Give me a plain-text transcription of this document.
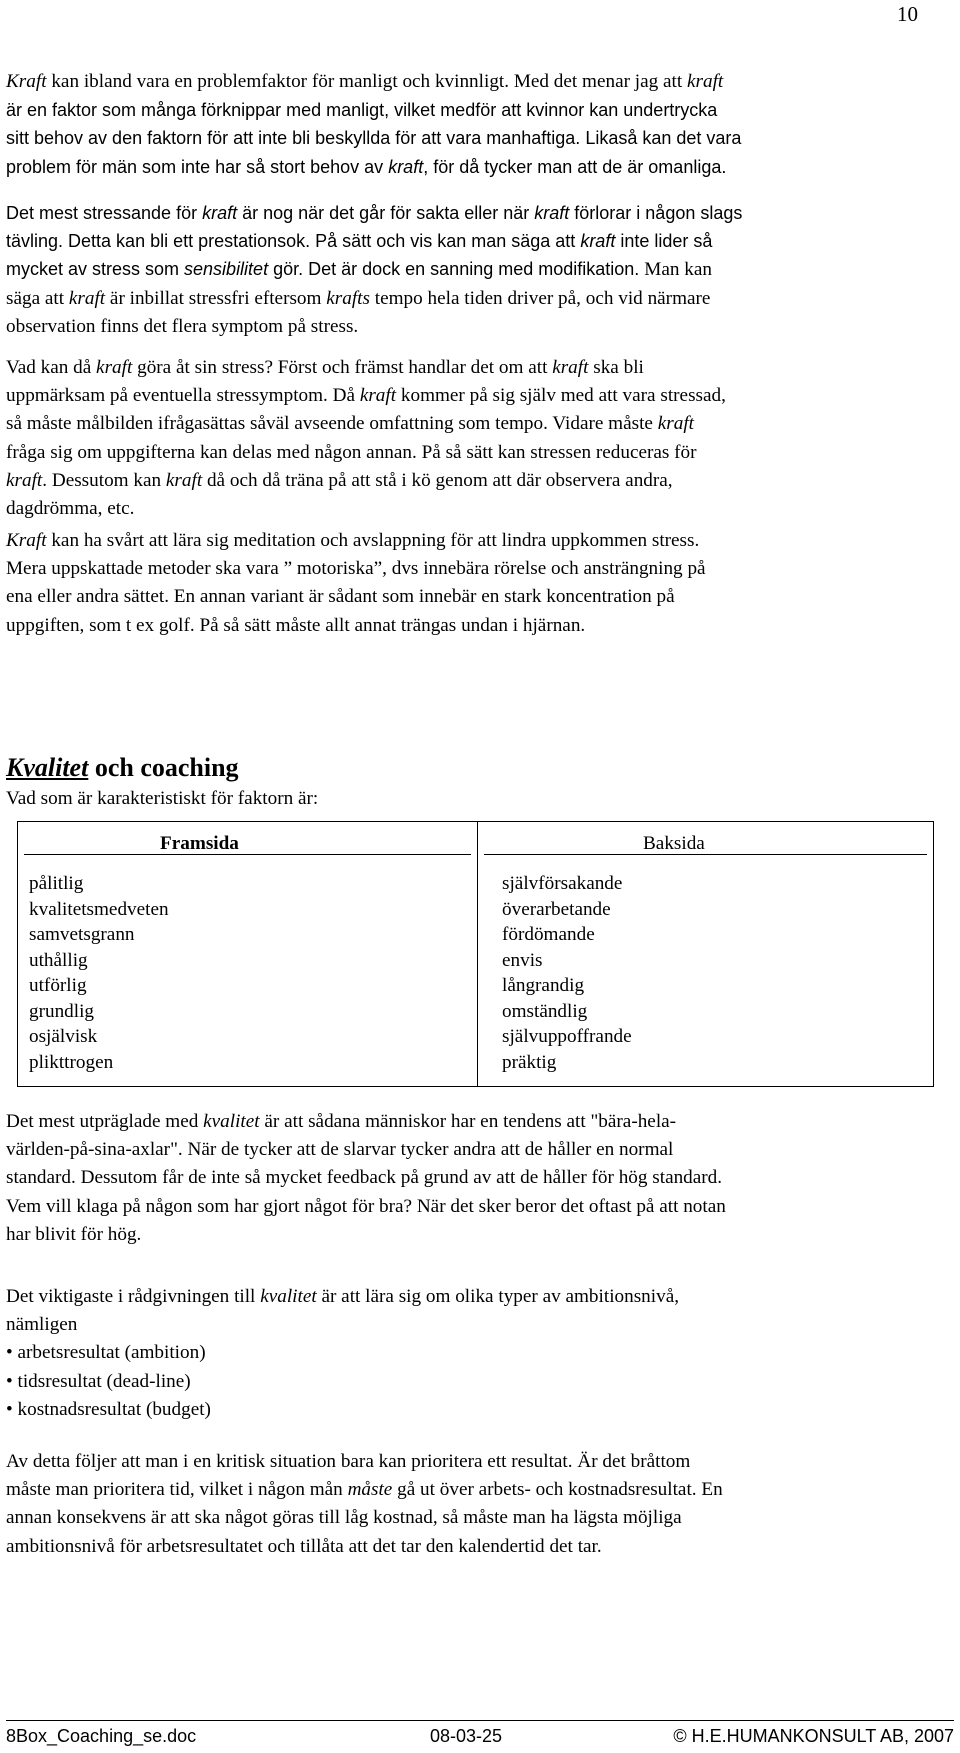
10
Kraft kan ibland vara en problemfaktor för manligt och kvinnligt. Med det menar jag att kraft
är en faktor som många förknippar med manligt, vilket medför att kvinnor kan undertrycka
sitt behov av den faktorn för att inte bli beskyllda för att vara manhaftiga. Likaså kan det vara
problem för män som inte har så stort behov av kraft, för då tycker man att de är omanliga.
Det mest stressande för kraft är nog när det går för sakta eller när kraft förlorar i någon slags
tävling. Detta kan bli ett prestationsok. På sätt och vis kan man säga att kraft inte lider så
mycket av stress som sensibilitet gör. Det är dock en sanning med modifikation. Man kan
säga att kraft är inbillat stressfri eftersom krafts tempo hela tiden driver på, och vid närmare
observation finns det flera symptom på stress.
Vad kan då kraft göra åt sin stress? Först och främst handlar det om att kraft ska bli
uppmärksam på eventuella stressymptom. Då kraft kommer på sig själv med att vara stressad,
så måste målbilden ifrågasättas såväl avseende omfattning som tempo. Vidare måste kraft
fråga sig om uppgifterna kan delas med någon annan. På så sätt kan stressen reduceras för
kraft. Dessutom kan kraft då och då träna på att stå i kö genom att där observera andra,
dagdrömma, etc.
Kraft kan ha svårt att lära sig meditation och avslappning för att lindra uppkommen stress.
Mera uppskattade metoder ska vara ” motoriska”, dvs innebära rörelse och ansträngning på
ena eller andra sättet. En annan variant är sådant som innebär en stark koncentration på
uppgiften, som t ex golf. På så sätt måste allt annat trängas undan i hjärnan.
Kvalitet och coaching
Vad som är karakteristiskt för faktorn är:
Framsida
pålitlig
kvalitetsmedveten
samvetsgrann
uthållig
utförlig
grundlig
osjälvisk
plikttrogen
Baksida
självförsakande
överarbetande
fördömande
envis
långrandig
omständlig
självuppoffrande
präktig
Det mest utpräglade med kvalitet är att sådana människor har en tendens att "bära-hela-
världen-på-sina-axlar". När de tycker att de slarvar tycker andra att de håller en normal
standard. Dessutom får de inte så mycket feedback på grund av att de håller för hög standard.
Vem vill klaga på någon som har gjort något för bra? När det sker beror det oftast på att notan
har blivit för hög.
Det viktigaste i rådgivningen till kvalitet är att lära sig om olika typer av ambitionsnivå,
nämligen
• arbetsresultat (ambition)
• tidsresultat (dead-line)
• kostnadsresultat (budget)
Av detta följer att man i en kritisk situation bara kan prioritera ett resultat. Är det bråttom
måste man prioritera tid, vilket i någon mån måste gå ut över arbets- och kostnadsresultat. En
annan konsekvens är att ska något göras till låg kostnad, så måste man ha lägsta möjliga
ambitionsnivå för arbetsresultatet och tillåta att det tar den kalendertid det tar.
8Box_Coaching_se.doc	08-03-25	© H.E.HUMANKONSULT AB, 2007
